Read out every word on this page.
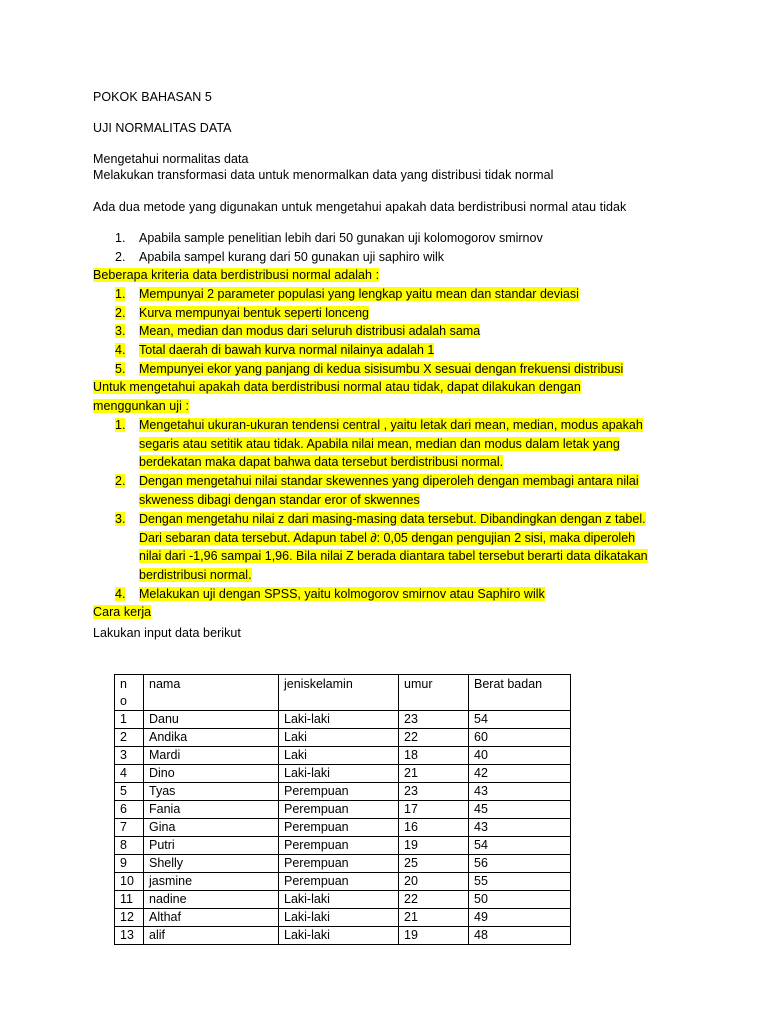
POKOK BAHASAN 5
UJI NORMALITAS DATA
Mengetahui normalitas data
Melakukan transformasi data untuk menormalkan data yang distribusi tidak normal
Ada dua metode yang digunakan untuk mengetahui apakah data berdistribusi normal atau tidak
1. Apabila sample penelitian lebih dari 50 gunakan uji kolomogorov smirnov
2. Apabila sampel kurang dari 50 gunakan uji saphiro wilk
Beberapa kriteria data berdistribusi normal adalah :
1. Mempunyai 2 parameter populasi yang lengkap yaitu mean dan standar deviasi
2. Kurva mempunyai bentuk seperti lonceng
3. Mean, median dan modus dari seluruh distribusi adalah sama
4. Total daerah di bawah kurva normal nilainya adalah 1
5. Mempunyei ekor yang panjang di kedua sisisumbu X sesuai dengan frekuensi distribusi
Untuk mengetahui apakah data berdistribusi normal atau tidak, dapat dilakukan dengan
menggunkan uji :
1. Mengetahui ukuran-ukuran tendensi central , yaitu letak dari mean, median, modus apakah
segaris atau setitik atau tidak. Apabila nilai mean, median dan modus dalam letak yang
berdekatan maka dapat bahwa data tersebut berdistribusi normal.
2. Dengan mengetahui nilai standar skewennes yang diperoleh dengan membagi antara nilai
skweness dibagi dengan standar eror of skwennes
3. Dengan mengetahu nilai z dari masing-masing data tersebut. Dibandingkan dengan z tabel.
Dari sebaran data tersebut. Adapun tabel ∂: 0,05 dengan pengujian 2 sisi, maka diperoleh
nilai dari -1,96 sampai 1,96. Bila nilai Z berada diantara tabel tersebut berarti data dikatakan
berdistribusi normal.
4. Melakukan uji dengan SPSS, yaitu kolmogorov smirnov atau Saphiro wilk
Cara kerja
Lakukan input data berikut
n o	nama	jeniskelamin	umur	Berat badan
1	Danu	Laki-laki	23	54
2	Andika	Laki	22	60
3	Mardi	Laki	18	40
4	Dino	Laki-laki	21	42
5	Tyas	Perempuan	23	43
6	Fania	Perempuan	17	45
7	Gina	Perempuan	16	43
8	Putri	Perempuan	19	54
9	Shelly	Perempuan	25	56
10	jasmine	Perempuan	20	55
11	nadine	Laki-laki	22	50
12	Althaf	Laki-laki	21	49
13	alif	Laki-laki	19	48
